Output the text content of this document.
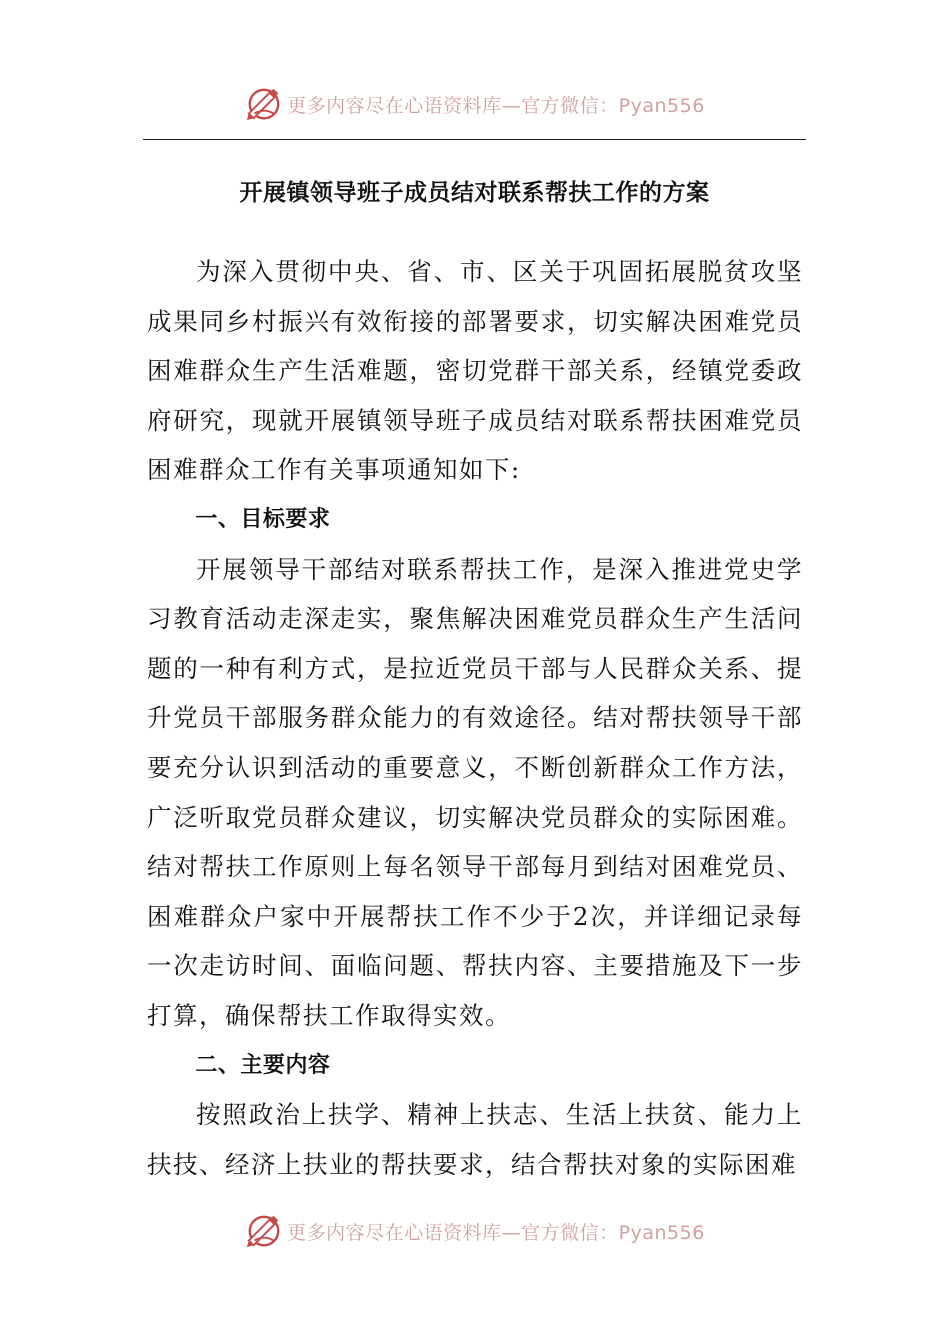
更多内容尽在心语资料库—官方微信：Pyan556
开展镇领导班子成员结对联系帮扶工作的方案

为深入贯彻中央、省、市、区关于巩固拓展脱贫攻坚成果同乡村振兴有效衔接的部署要求，切实解决困难党员困难群众生产生活难题，密切党群干部关系，经镇党委政府研究，现就开展镇领导班子成员结对联系帮扶困难党员困难群众工作有关事项通知如下:

一、目标要求

开展领导干部结对联系帮扶工作，是深入推进党史学习教育活动走深走实，聚焦解决困难党员群众生产生活问题的一种有利方式，是拉近党员干部与人民群众关系、提升党员干部服务群众能力的有效途径。结对帮扶领导干部要充分认识到活动的重要意义，不断创新群众工作方法，广泛听取党员群众建议，切实解决党员群众的实际困难。结对帮扶工作原则上每名领导干部每月到结对困难党员、困难群众户家中开展帮扶工作不少于2次，并详细记录每一次走访时间、面临问题、帮扶内容、主要措施及下一步打算，确保帮扶工作取得实效。

二、主要内容

按照政治上扶学、精神上扶志、生活上扶贫、能力上扶技、经济上扶业的帮扶要求，结合帮扶对象的实际困难

更多内容尽在心语资料库—官方微信：Pyan556
